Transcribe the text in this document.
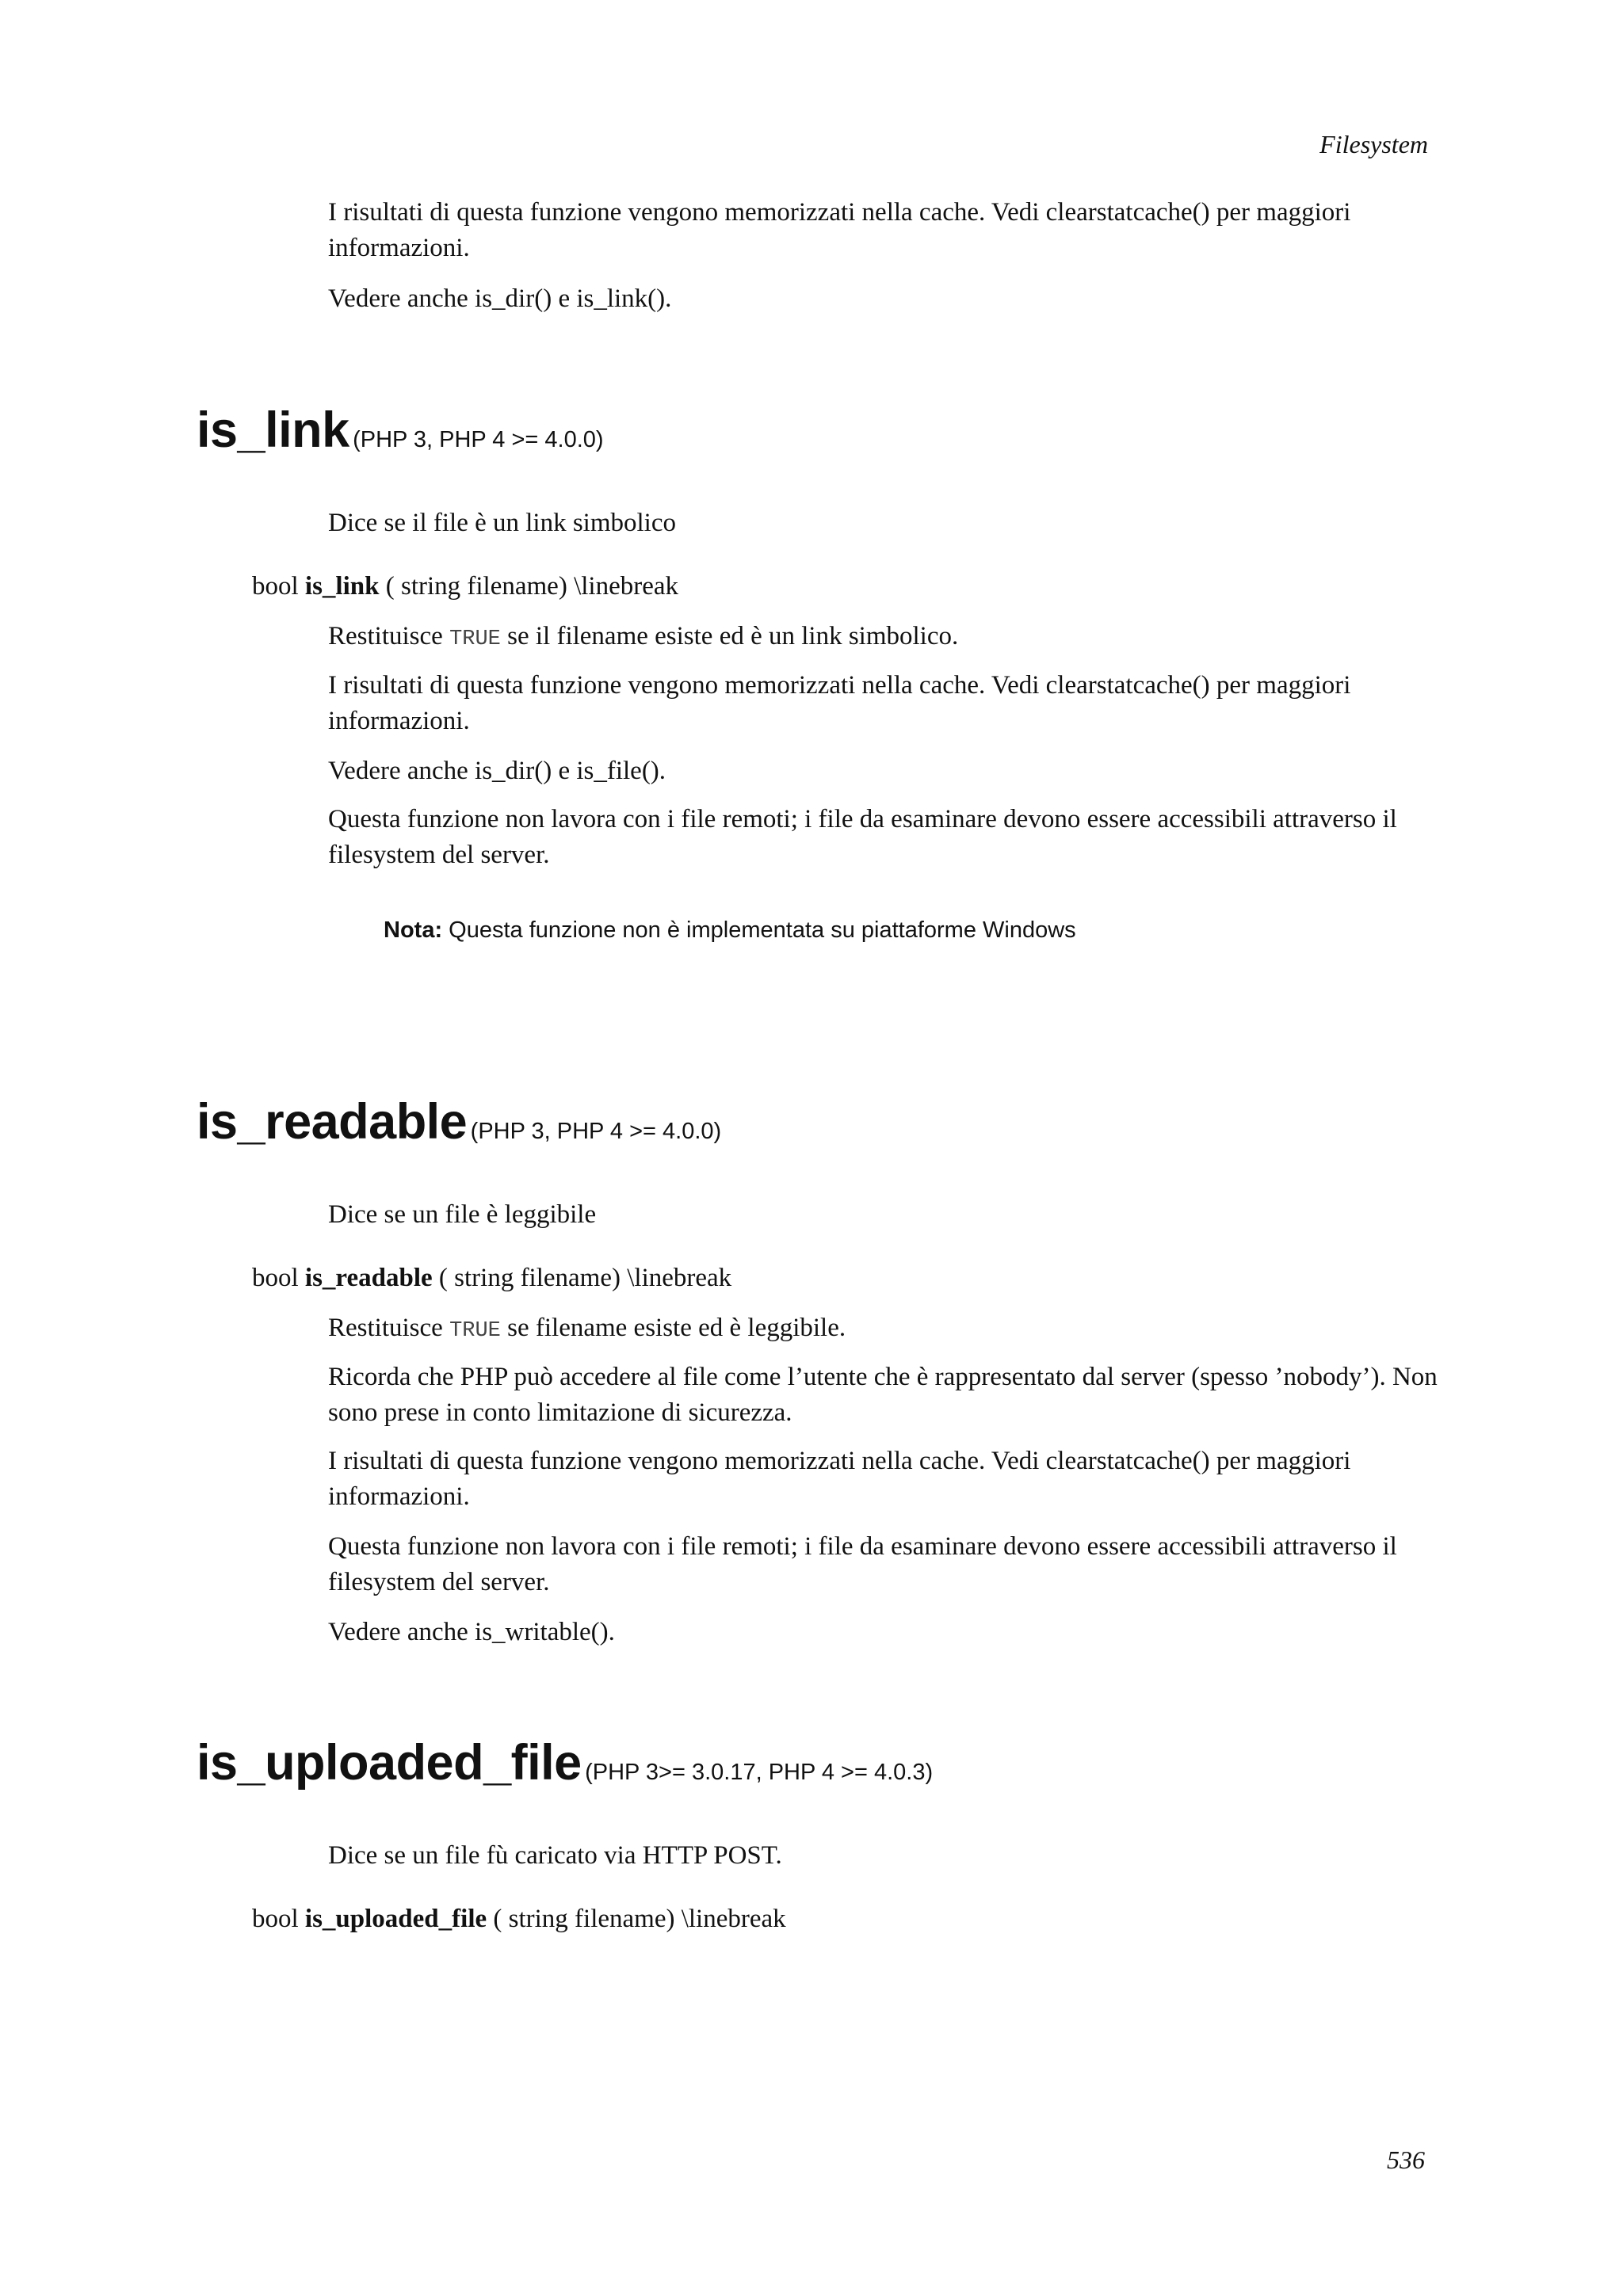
Filesystem
I risultati di questa funzione vengono memorizzati nella cache. Vedi clearstatcache() per maggiori informazioni.
Vedere anche is_dir() e is_link().
is_link (PHP 3, PHP 4 >= 4.0.0)
Dice se il file è un link simbolico
bool is_link ( string filename) \linebreak
Restituisce TRUE se il filename esiste ed è un link simbolico.
I risultati di questa funzione vengono memorizzati nella cache. Vedi clearstatcache() per maggiori informazioni.
Vedere anche is_dir() e is_file().
Questa funzione non lavora con i file remoti; i file da esaminare devono essere accessibili attraverso il filesystem del server.
Nota: Questa funzione non è implementata su piattaforme Windows
is_readable (PHP 3, PHP 4 >= 4.0.0)
Dice se un file è leggibile
bool is_readable ( string filename) \linebreak
Restituisce TRUE se filename esiste ed è leggibile.
Ricorda che PHP può accedere al file come l’utente che è rappresentato dal server (spesso ’nobody’). Non sono prese in conto limitazione di sicurezza.
I risultati di questa funzione vengono memorizzati nella cache. Vedi clearstatcache() per maggiori informazioni.
Questa funzione non lavora con i file remoti; i file da esaminare devono essere accessibili attraverso il filesystem del server.
Vedere anche is_writable().
is_uploaded_file (PHP 3>= 3.0.17, PHP 4 >= 4.0.3)
Dice se un file fù caricato via HTTP POST.
bool is_uploaded_file ( string filename) \linebreak
536
